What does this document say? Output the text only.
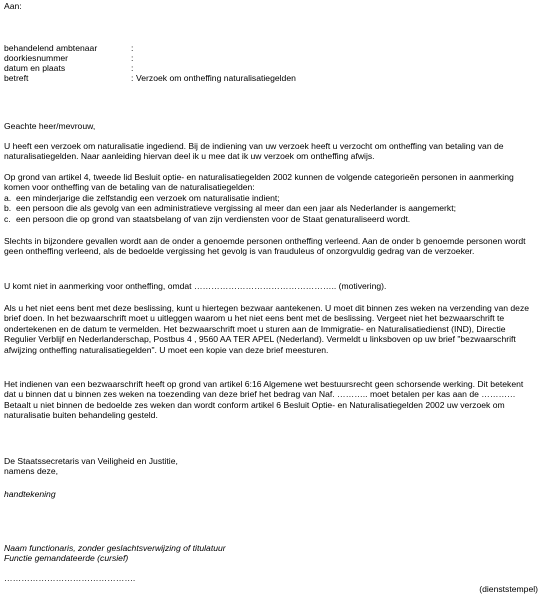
Aan:

behandelend ambtenaar	:
doorkiesnummer	:
datum en plaats	:
betreft	: Verzoek om ontheffing naturalisatiegelden

Geachte heer/mevrouw,

U heeft een verzoek om naturalisatie ingediend. Bij de indiening van uw verzoek heeft u verzocht om ontheffing van betaling van de naturalisatiegelden. Naar aanleiding hiervan deel ik u mee dat ik uw verzoek om ontheffing afwijs.

Op grond van artikel 4, tweede lid Besluit optie- en naturalisatiegelden 2002 kunnen de volgende categorieën personen in aanmerking komen voor ontheffing van de betaling van de naturalisatiegelden:

a. een minderjarige die zelfstandig een verzoek om naturalisatie indient;
b. een persoon die als gevolg van een administratieve vergissing al meer dan een jaar als Nederlander is aangemerkt;
c. een persoon die op grond van staatsbelang of van zijn verdiensten voor de Staat genaturaliseerd wordt.

Slechts in bijzondere gevallen wordt aan de onder a genoemde personen ontheffing verleend. Aan de onder b genoemde personen wordt geen ontheffing verleend, als de bedoelde vergissing het gevolg is van frauduleus of onzorgvuldig gedrag van de verzoeker.

U komt niet in aanmerking voor ontheffing, omdat ………………………………………….. (motivering).

Als u het niet eens bent met deze beslissing, kunt u hiertegen bezwaar aantekenen. U moet dit binnen zes weken na verzending van deze brief doen. In het bezwaarschrift moet u uitleggen waarom u het niet eens bent met de beslissing. Vergeet niet het bezwaarschrift te ondertekenen en de datum te vermelden. Het bezwaarschrift moet u sturen aan de Immigratie- en Naturalisatiedienst (IND), Directie Regulier Verblijf en Nederlanderschap, Postbus 4 , 9560 AA TER APEL (Nederland). Vermeldt u linksboven op uw brief "bezwaarschrift afwijzing ontheffing naturalisatiegelden". U moet een kopie van deze brief meesturen.

Het indienen van een bezwaarschrift heeft op grond van artikel 6:16 Algemene wet bestuursrecht geen schorsende werking. Dit betekent dat u binnen dat u binnen zes weken na toezending van deze brief het bedrag van Naf. ……….. moet betalen per kas aan de ………… Betaalt u niet binnen de bedoelde zes weken dan wordt conform artikel 6 Besluit Optie- en Naturalisatiegelden 2002 uw verzoek om naturalisatie buiten behandeling gesteld.

De Staatssecretaris van Veiligheid en Justitie,

namens deze,

handtekening

Naam functionaris, zonder geslachtsverwijzing of titulatuur

Functie gemandateerde (cursief)

……………………………………….

(dienststempel)
